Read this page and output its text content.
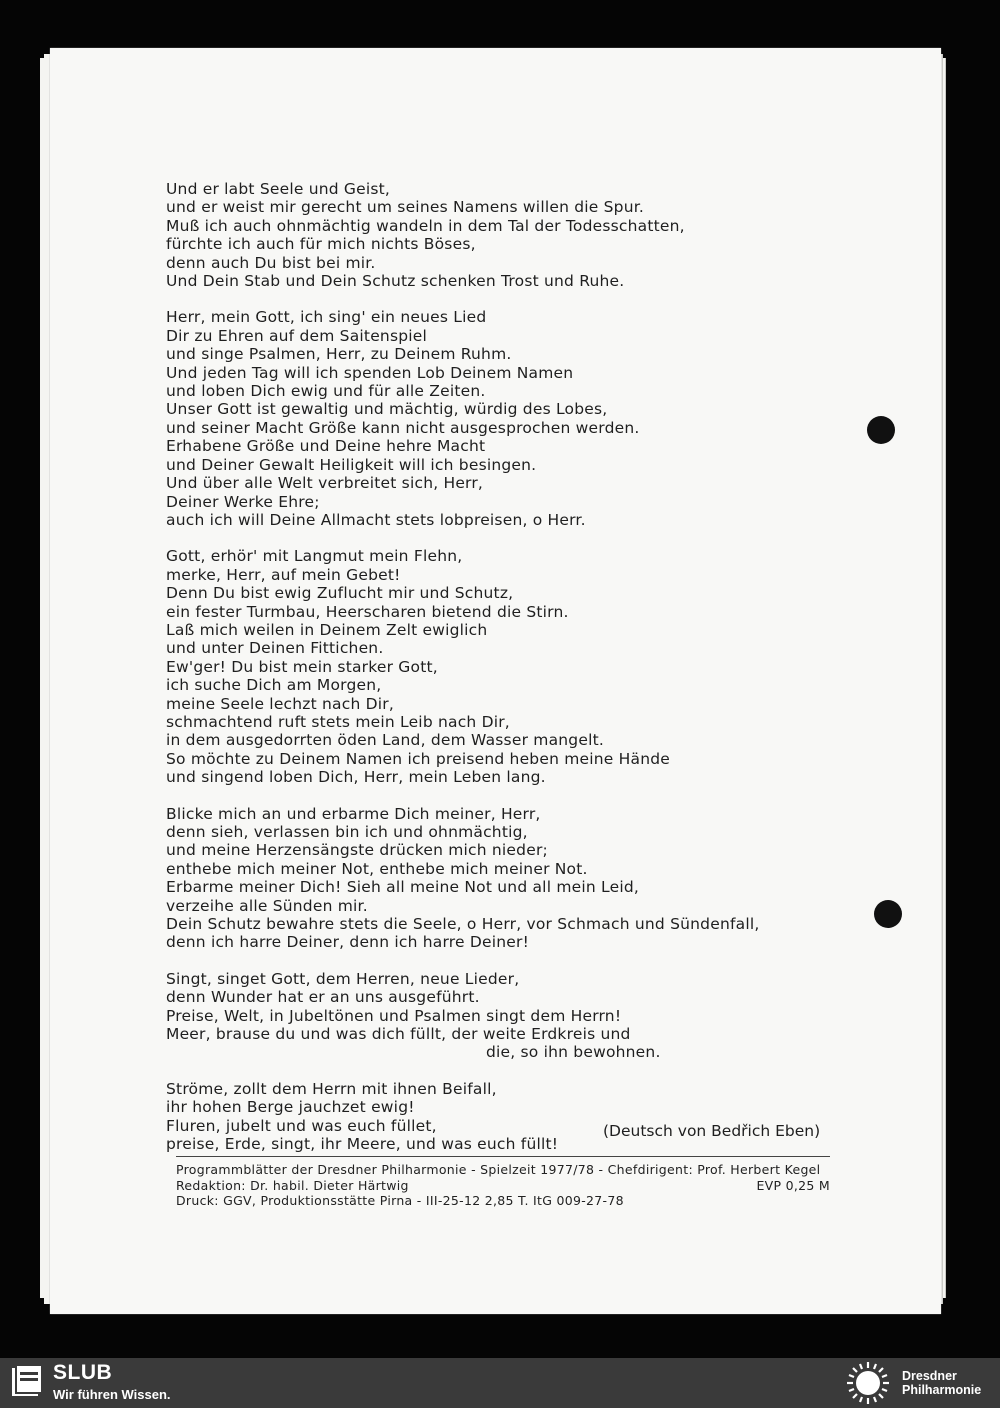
Und er labt Seele und Geist,
und er weist mir gerecht um seines Namens willen die Spur.
Muß ich auch ohnmächtig wandeln in dem Tal der Todesschatten,
fürchte ich auch für mich nichts Böses,
denn auch Du bist bei mir.
Und Dein Stab und Dein Schutz schenken Trost und Ruhe.
Herr, mein Gott, ich sing' ein neues Lied
Dir zu Ehren auf dem Saitenspiel
und singe Psalmen, Herr, zu Deinem Ruhm.
Und jeden Tag will ich spenden Lob Deinem Namen
und loben Dich ewig und für alle Zeiten.
Unser Gott ist gewaltig und mächtig, würdig des Lobes,
und seiner Macht Größe kann nicht ausgesprochen werden.
Erhabene Größe und Deine hehre Macht
und Deiner Gewalt Heiligkeit will ich besingen.
Und über alle Welt verbreitet sich, Herr,
Deiner Werke Ehre;
auch ich will Deine Allmacht stets lobpreisen, o Herr.
Gott, erhör' mit Langmut mein Flehn,
merke, Herr, auf mein Gebet!
Denn Du bist ewig Zuflucht mir und Schutz,
ein fester Turmbau, Heerscharen bietend die Stirn.
Laß mich weilen in Deinem Zelt ewiglich
und unter Deinen Fittichen.
Ew'ger! Du bist mein starker Gott,
ich suche Dich am Morgen,
meine Seele lechzt nach Dir,
schmachtend ruft stets mein Leib nach Dir,
in dem ausgedorrten öden Land, dem Wasser mangelt.
So möchte zu Deinem Namen ich preisend heben meine Hände
und singend loben Dich, Herr, mein Leben lang.
Blicke mich an und erbarme Dich meiner, Herr,
denn sieh, verlassen bin ich und ohnmächtig,
und meine Herzensängste drücken mich nieder;
enthebe mich meiner Not, enthebe mich meiner Not.
Erbarme meiner Dich! Sieh all meine Not und all mein Leid,
verzeihe alle Sünden mir.
Dein Schutz bewahre stets die Seele, o Herr, vor Schmach und Sündenfall,
denn ich harre Deiner, denn ich harre Deiner!
Singt, singet Gott, dem Herren, neue Lieder,
denn Wunder hat er an uns ausgeführt.
Preise, Welt, in Jubeltönen und Psalmen singt dem Herrn!
Meer, brause du und was dich füllt, der weite Erdkreis und
die, so ihn bewohnen.
Ströme, zollt dem Herrn mit ihnen Beifall,
ihr hohen Berge jauchzet ewig!
Fluren, jubelt und was euch füllet,
preise, Erde, singt, ihr Meere, und was euch füllt!
(Deutsch von Bedřich Eben)
Programmblätter der Dresdner Philharmonie - Spielzeit 1977/78 - Chefdirigent: Prof. Herbert Kegel
Redaktion: Dr. habil. Dieter Härtwig	EVP 0,25 M
Druck: GGV, Produktionsstätte Pirna - III-25-12 2,85 T. ItG 009-27-78
SLUB
Wir führen Wissen.
Dresdner
Philharmonie
